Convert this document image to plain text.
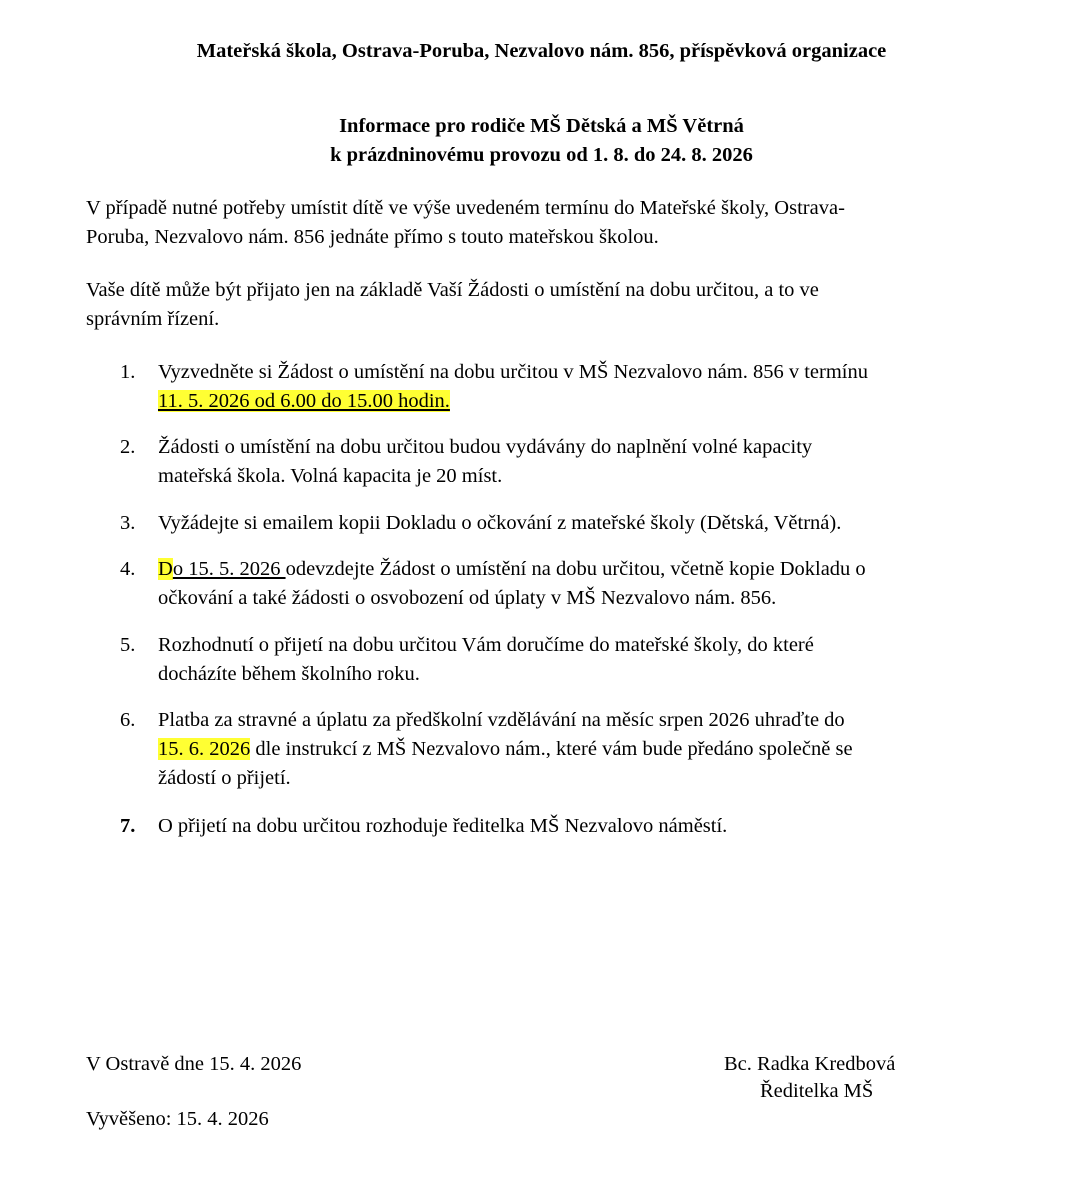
Mateřská škola, Ostrava-Poruba, Nezvalovo nám. 856, příspěvková organizace
Informace pro rodiče MŠ Dětská a MŠ Větrná
k prázdninovému provozu od 1. 8. do 24. 8. 2026
V případě nutné potřeby umístit dítě ve výše uvedeném termínu do Mateřské školy, Ostrava-
Poruba, Nezvalovo nám. 856 jednáte přímo s touto mateřskou školou.
Vaše dítě může být přijato jen na základě Vaší Žádosti o umístění na dobu určitou, a to ve
správním řízení.
1.	Vyzvedněte si Žádost o umístění na dobu určitou v MŠ Nezvalovo nám. 856 v termínu
11. 5. 2026 od 6.00 do 15.00 hodin.
2.	Žádosti o umístění na dobu určitou budou vydávány do naplnění volné kapacity
mateřská škola. Volná kapacita je 20 míst.
3.	Vyžádejte si emailem kopii Dokladu o očkování z mateřské školy (Dětská, Větrná).
4.	Do 15. 5. 2026 odevzdejte Žádost o umístění na dobu určitou, včetně kopie Dokladu o
očkování a také žádosti o osvobození od úplaty v MŠ Nezvalovo nám. 856.
5.	Rozhodnutí o přijetí na dobu určitou Vám doručíme do mateřské školy, do které
docházíte během školního roku.
6.	Platba za stravné a úplatu za předškolní vzdělávání na měsíc srpen 2026 uhraďte do
15. 6. 2026 dle instrukcí z MŠ Nezvalovo nám., které vám bude předáno společně se
žádostí o přijetí.
7.	O přijetí na dobu určitou rozhoduje ředitelka MŠ Nezvalovo náměstí.
V Ostravě dne 15. 4. 2026
Vyvěšeno: 15. 4. 2026
Bc. Radka Kredbová
Ředitelka MŠ
